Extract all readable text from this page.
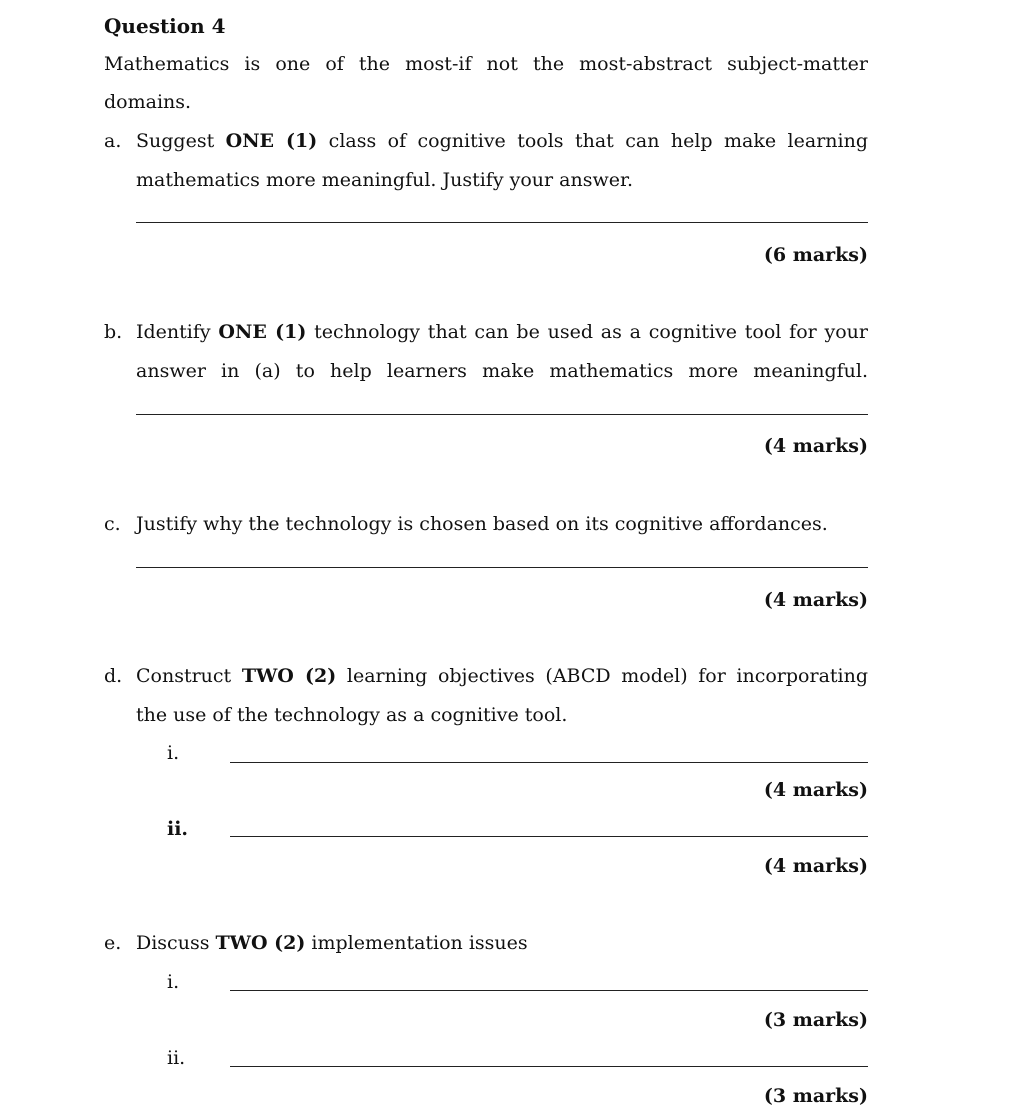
Question 4
Mathematics is one of the most-if not the most-abstract subject-matter
domains.
a. Suggest ONE (1) class of cognitive tools that can help make learning
mathematics more meaningful. Justify your answer.
(6 marks)
b. Identify ONE (1) technology that can be used as a cognitive tool for your
answer in (a) to help learners make mathematics more meaningful.
(4 marks)
c. Justify why the technology is chosen based on its cognitive affordances.
(4 marks)
d. Construct TWO (2) learning objectives (ABCD model) for incorporating
the use of the technology as a cognitive tool.
i.
(4 marks)
ii.
(4 marks)
e. Discuss TWO (2) implementation issues
i.
(3 marks)
ii.
(3 marks)
